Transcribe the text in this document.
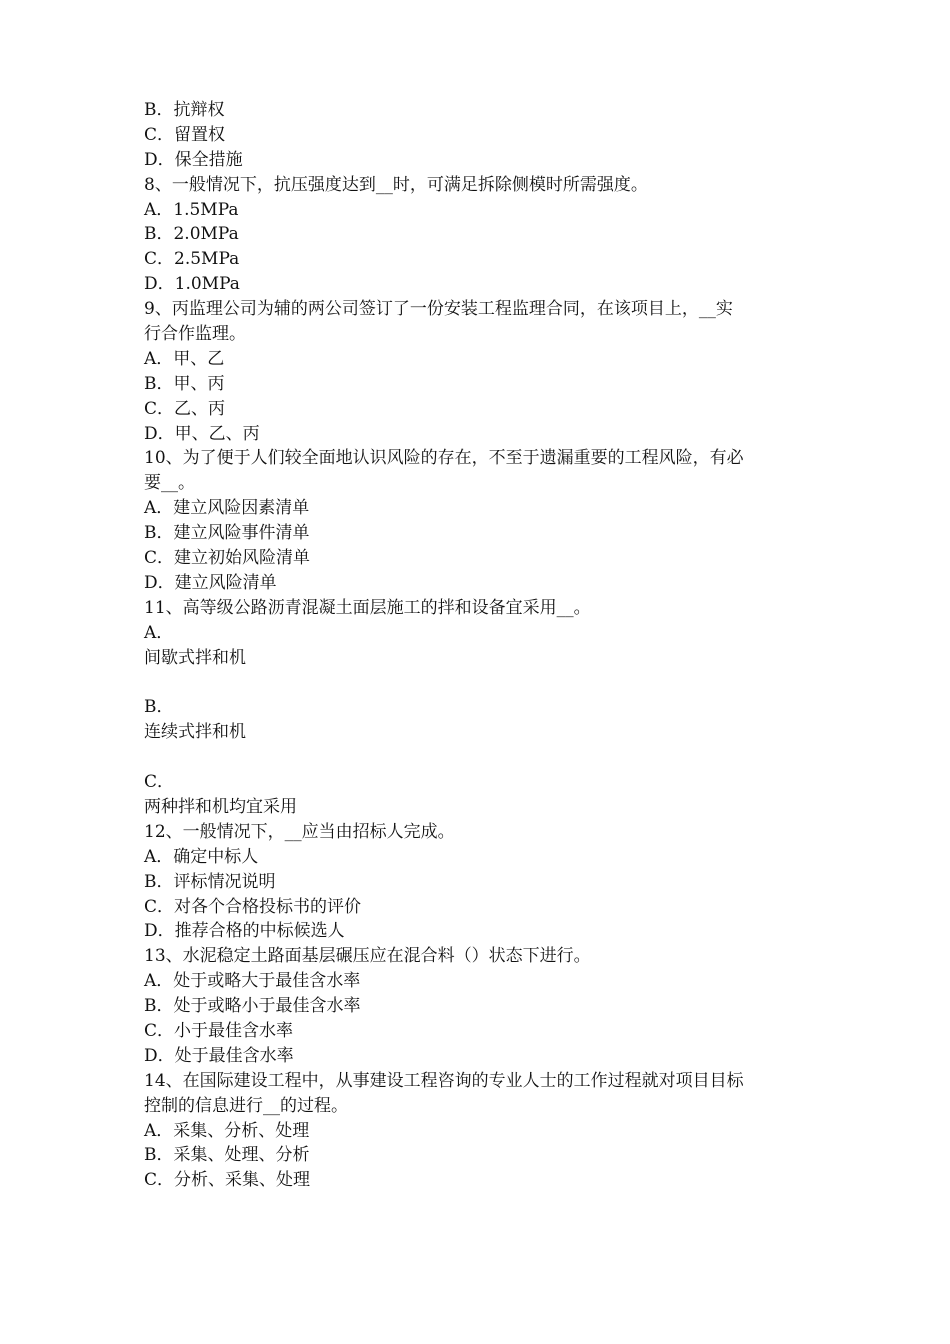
B．抗辩权
C．留置权
D．保全措施
8、一般情况下，抗压强度达到__时，可满足拆除侧模时所需强度。
A．1.5MPa
B．2.0MPa
C．2.5MPa
D．1.0MPa
9、丙监理公司为辅的两公司签订了一份安装工程监理合同，在该项目上，__实
行合作监理。
A．甲、乙
B．甲、丙
C．乙、丙
D．甲、乙、丙
10、为了便于人们较全面地认识风险的存在，不至于遗漏重要的工程风险，有必
要__。
A．建立风险因素清单
B．建立风险事件清单
C．建立初始风险清单
D．建立风险清单
11、高等级公路沥青混凝土面层施工的拌和设备宜采用__。
A．
间歇式拌和机
B．
连续式拌和机
C．
两种拌和机均宜采用
12、一般情况下，__应当由招标人完成。
A．确定中标人
B．评标情况说明
C．对各个合格投标书的评价
D．推荐合格的中标候选人
13、水泥稳定土路面基层碾压应在混合料（）状态下进行。
A．处于或略大于最佳含水率
B．处于或略小于最佳含水率
C．小于最佳含水率
D．处于最佳含水率
14、在国际建设工程中，从事建设工程咨询的专业人士的工作过程就对项目目标
控制的信息进行__的过程。
A．采集、分析、处理
B．采集、处理、分析
C．分析、采集、处理
